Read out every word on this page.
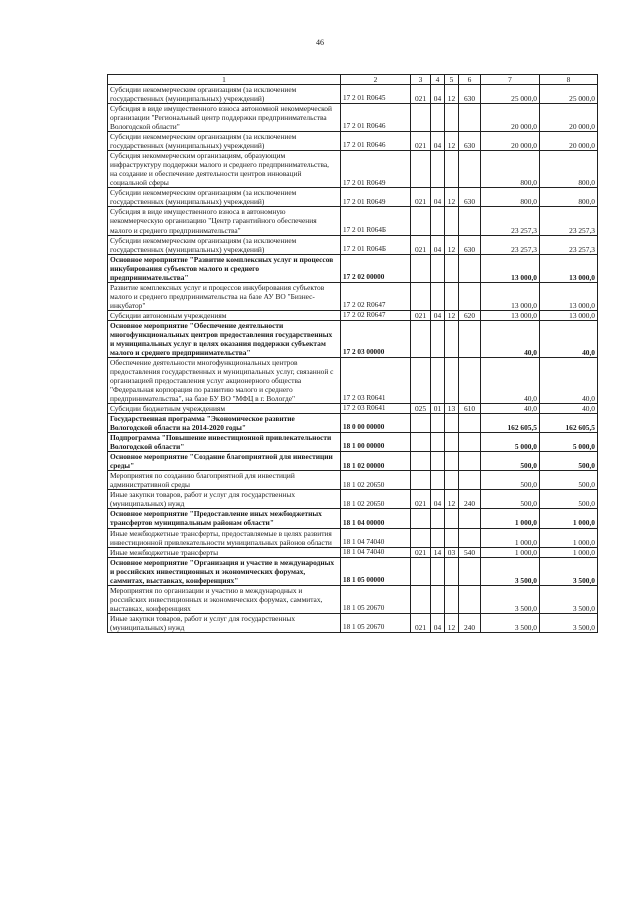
46
1	2	3	4	5	6	7	8
Субсидии некоммерческим организациям (за исключением государственных (муниципальных) учреждений)	17 2 01 R0645	021	04	12	630	25 000,0	25 000,0
Субсидия в виде имущественного взноса автономной некоммерческой организации "Региональный центр поддержки предпринимательства Вологодской области"	17 2 01 R0646					20 000,0	20 000,0
Субсидии некоммерческим организациям (за исключением государственных (муниципальных) учреждений)	17 2 01 R0646	021	04	12	630	20 000,0	20 000,0
Субсидия некоммерческим организациям, образующим инфраструктуру поддержки малого и среднего предпринимательства, на создание и обеспечение деятельности центров инноваций социальной сферы	17 2 01 R0649					800,0	800,0
Субсидии некоммерческим организациям (за исключением государственных (муниципальных) учреждений)	17 2 01 R0649	021	04	12	630	800,0	800,0
Субсидия в виде имущественного взноса в автономную некоммерческую организацию "Центр гарантийного обеспечения малого и среднего предпринимательства"	17 2 01 R064Б					23 257,3	23 257,3
Субсидии некоммерческим организациям (за исключением государственных (муниципальных) учреждений)	17 2 01 R064Б	021	04	12	630	23 257,3	23 257,3
Основное мероприятие "Развитие комплексных услуг и процессов инкубирования субъектов малого и среднего предпринимательства"	17 2 02 00000					13 000,0	13 000,0
Развитие комплексных услуг и процессов инкубирования субъектов малого и среднего предпринимательства на базе АУ ВО "Бизнес-инкубатор"	17 2 02 R0647					13 000,0	13 000,0
Субсидии автономным учреждениям	17 2 02 R0647	021	04	12	620	13 000,0	13 000,0
Основное мероприятие "Обеспечение деятельности многофункциональных центров предоставления государственных и муниципальных услуг в целях оказания поддержки субъектам малого и среднего предпринимательства"	17 2 03 00000					40,0	40,0
Обеспечение деятельности многофункциональных центров предоставления государственных и муниципальных услуг, связанной с организацией предоставления услуг акционерного общества "Федеральная корпорация по развитию малого и среднего предпринимательства", на базе БУ ВО "МФЦ в г. Вологде"	17 2 03 R0641					40,0	40,0
Субсидии бюджетным учреждениям	17 2 03 R0641	025	01	13	610	40,0	40,0
Государственная программа "Экономическое развитие Вологодской области на 2014-2020 годы"	18 0 00 00000					162 605,5	162 605,5
Подпрограмма "Повышение инвестиционной привлекательности Вологодской области"	18 1 00 00000					5 000,0	5 000,0
Основное мероприятие "Создание благоприятной для инвестиции среды"	18 1 02 00000					500,0	500,0
Мероприятия по созданию благоприятной для инвестиций административной среды	18 1 02 20650					500,0	500,0
Иные закупки товаров, работ и услуг для государственных (муниципальных) нужд	18 1 02 20650	021	04	12	240	500,0	500,0
Основное мероприятие "Предоставление иных межбюджетных трансфертов муниципальным районам области"	18 1 04 00000					1 000,0	1 000,0
Иные межбюджетные трансферты, предоставляемые в целях развития инвестиционной привлекательности муниципальных районов области	18 1 04 74040					1 000,0	1 000,0
Иные межбюджетные трансферты	18 1 04 74040	021	14	03	540	1 000,0	1 000,0
Основное мероприятие "Организация и участие в международных и российских инвестиционных и экономических форумах, саммитах, выставках, конференциях"	18 1 05 00000					3 500,0	3 500,0
Мероприятия по организации и участию в международных и российских инвестиционных и экономических форумах, саммитах, выставках, конференциях	18 1 05 20670					3 500,0	3 500,0
Иные закупки товаров, работ и услуг для государственных (муниципальных) нужд	18 1 05 20670	021	04	12	240	3 500,0	3 500,0
